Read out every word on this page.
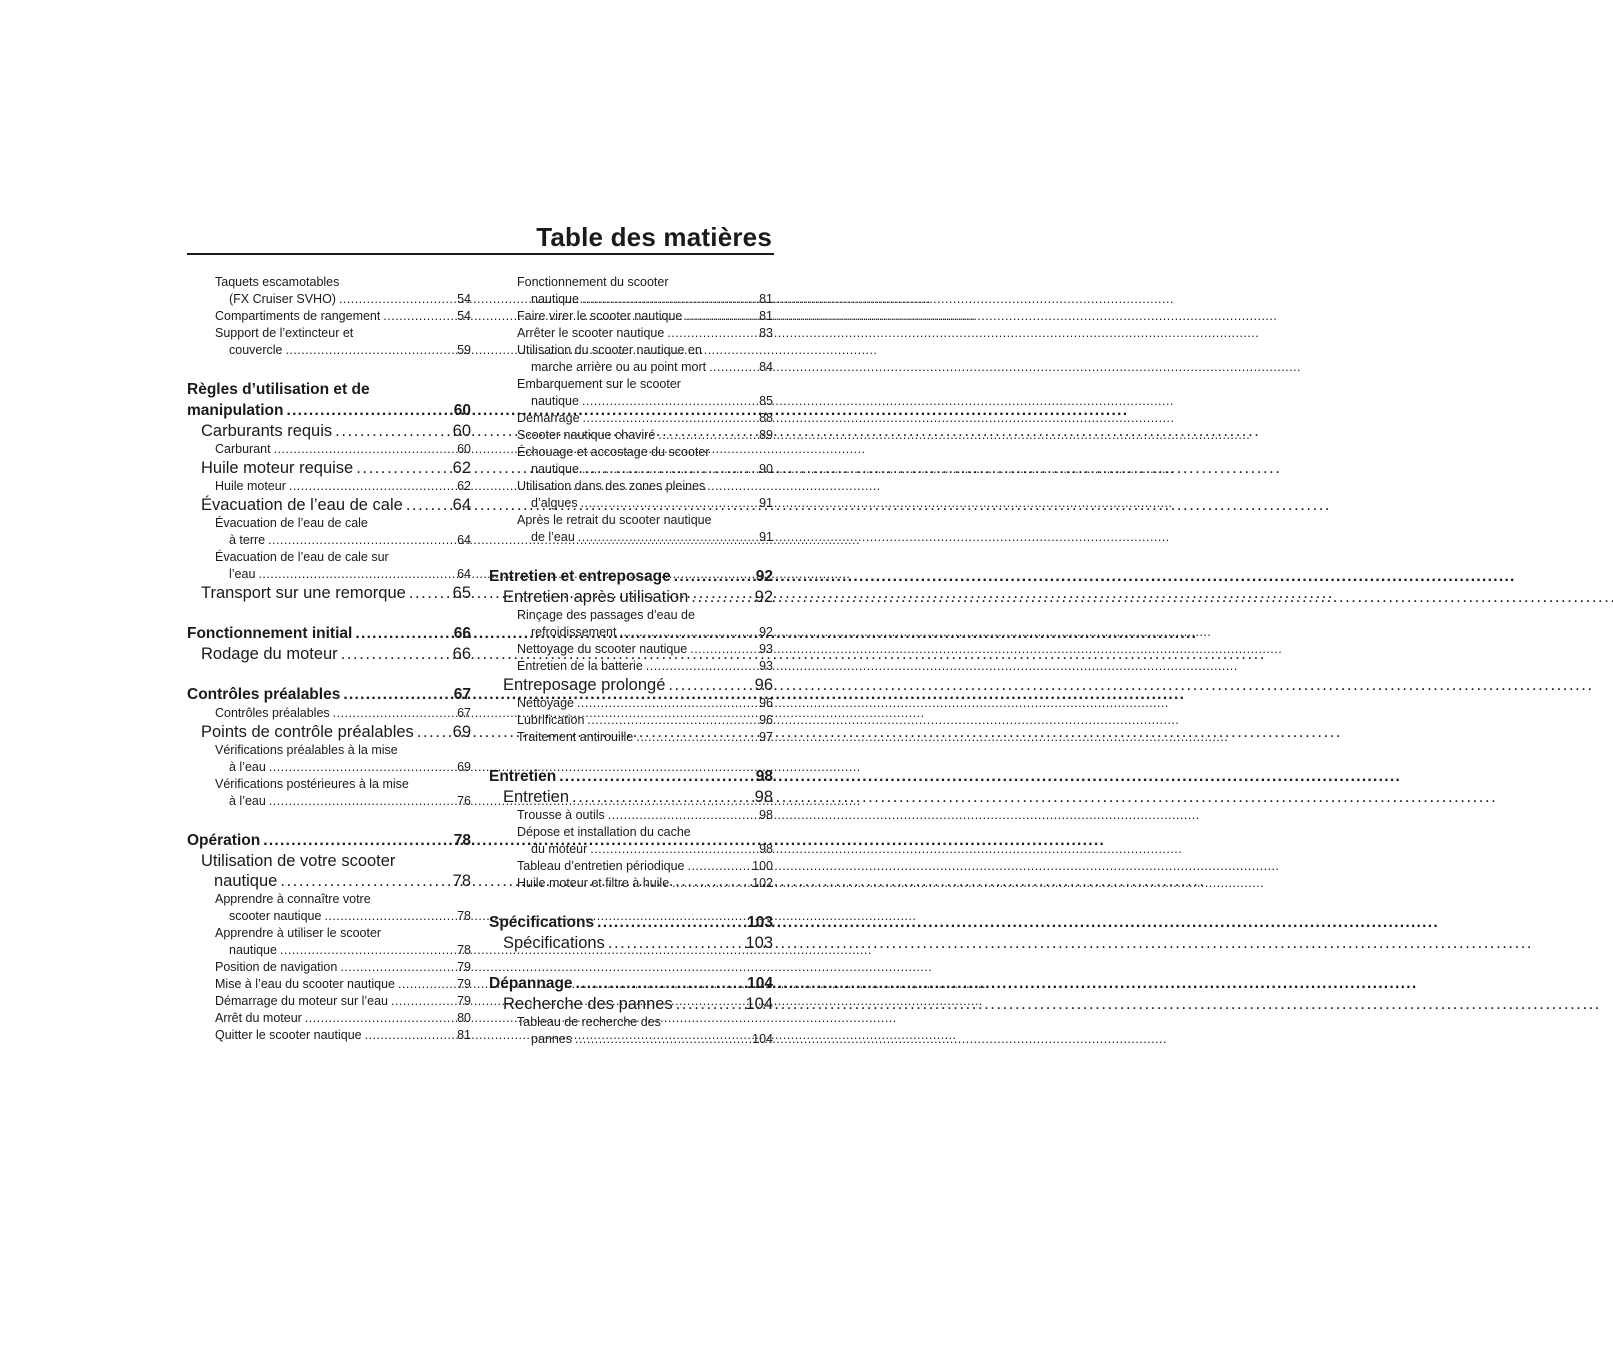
Table des matières
Taquets escamotables
(FX Cruiser SVHO) . . .	54
Compartiments de rangement . . .	54
Support de l’extincteur et
couvercle . . .	59
Règles d’utilisation et de
manipulation . . .	60
Carburants requis . . .	60
Carburant . . .	60
Huile moteur requise . . .	62
Huile moteur . . .	62
Évacuation de l’eau de cale . . .	64
Évacuation de l’eau de cale
à terre . . .	64
Évacuation de l’eau de cale sur
l’eau . . .	64
Transport sur une remorque . . .	65
Fonctionnement initial . . .	66
Rodage du moteur . . .	66
Contrôles préalables . . .	67
Contrôles préalables . . .	67
Points de contrôle préalables . . . 69
Vérifications préalables à la mise
à l’eau . . .	69
Vérifications postérieures à la mise
à l’eau . . .	76
Opération . . .	78
Utilisation de votre scooter
nautique . . .	78
Apprendre à connaître votre
scooter nautique . . .	78
Apprendre à utiliser le scooter
nautique . . .	78
Position de navigation . . .	79
Mise à l’eau du scooter nautique . . .	79
Démarrage du moteur sur l’eau . . .	79
Arrêt du moteur . . .	80
Quitter le scooter nautique . . .	81
Fonctionnement du scooter
nautique . . .	81
Faire virer le scooter nautique . . .	81
Arrêter le scooter nautique . . .	83
Utilisation du scooter nautique en
marche arrière ou au point mort . . .	84
Embarquement sur le scooter
nautique . . .	85
Démarrage . . .	88
Scooter nautique chaviré . . .	89
Échouage et accostage du scooter
nautique . . .	90
Utilisation dans des zones pleines
d’algues . . .	91
Après le retrait du scooter nautique
de l’eau . . .	91
Entretien et entreposage . . .	92
Entretien après utilisation . . .	92
Rinçage des passages d’eau de
refroidissement . . .	92
Nettoyage du scooter nautique . . .	93
Entretien de la batterie . . .	93
Entreposage prolongé . . .	96
Nettoyage . . .	96
Lubrification . . .	96
Traitement antirouille . . .	97
Entretien . . .	98
Entretien . . .	98
Trousse à outils . . .	98
Dépose et installation du cache
du moteur . . .	98
Tableau d’entretien périodique . . .	100
Huile moteur et filtre à huile . . .	102
Spécifications . . .	103
Spécifications . . .	103
Dépannage . . .	104
Recherche des pannes . . .	104
Tableau de recherche des
pannes . . .	104
